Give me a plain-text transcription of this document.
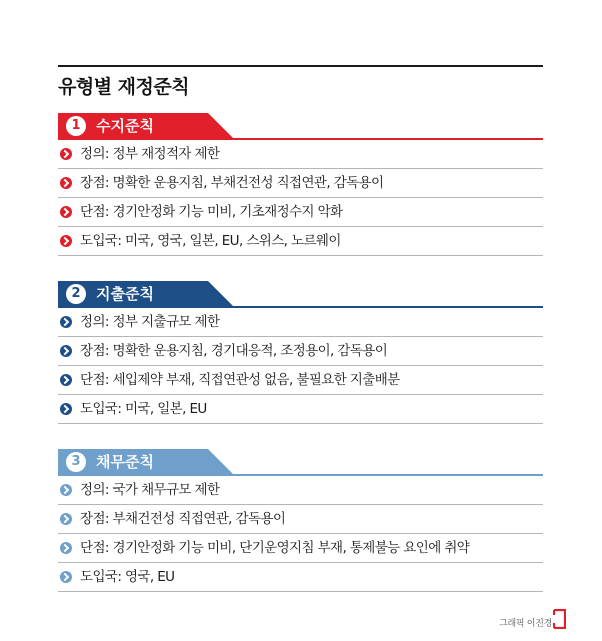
유형별 재정준칙
1	수지준칙
정의: 정부 재정적자 제한
장점: 명확한 운용지침, 부채건전성 직접연관, 감독용이
단점: 경기안정화 기능 미비, 기초재정수지 악화
도입국: 미국, 영국, 일본, EU, 스위스, 노르웨이
2	지출준칙
정의: 정부 지출규모 제한
장점: 명확한 운용지침, 경기대응적, 조정용이, 감독용이
단점: 세입제약 부재, 직접연관성 없음, 불필요한 지출배분
도입국: 미국, 일본, EU
3	채무준칙
정의: 국가 채무규모 제한
장점: 부채건전성 직접연관, 감독용이
단점: 경기안정화 기능 미비, 단기운영지침 부재, 통제불능 요인에 취약
도입국: 영국, EU
그래픽 이진경
